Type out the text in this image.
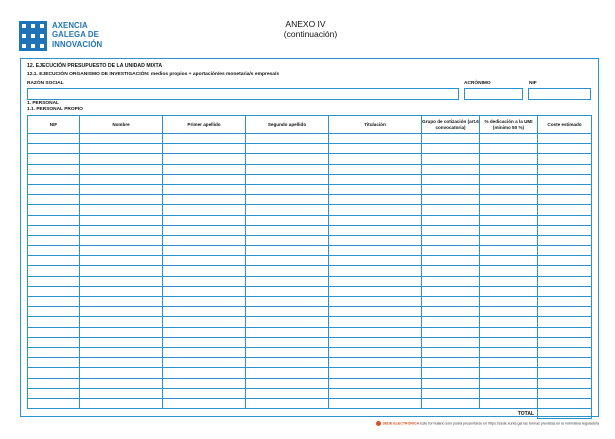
AXENCIA
GALEGA DE
INNOVACIÓN
ANEXO IV
(continuación)
12. EJECUCIÓN PRESUPUESTO DE LA UNIDAD MIXTA
12.1. EJECUCIÓN ORGANISMO DE INVESTIGACIÓN: medios propios + aportación/es monetaria/s empresa/s
RAZÓN SOCIAL	ACRÓNIMO	NIF
1. PERSONAL
1.1. PERSONAL PROPIO
NIF	Nombre	Primer apellido	Segundo apellido	Titulación	Grupo de cotización (art.6 convocatoria)	% dedicación a la UMI (mínimo 50 %)	Coste estimado

TOTAL							
SEDE ELECTRÓNICA Este formulario solo podrá presentarse en https://sede.xunta.gal las formas previstas en la normativa reguladora
